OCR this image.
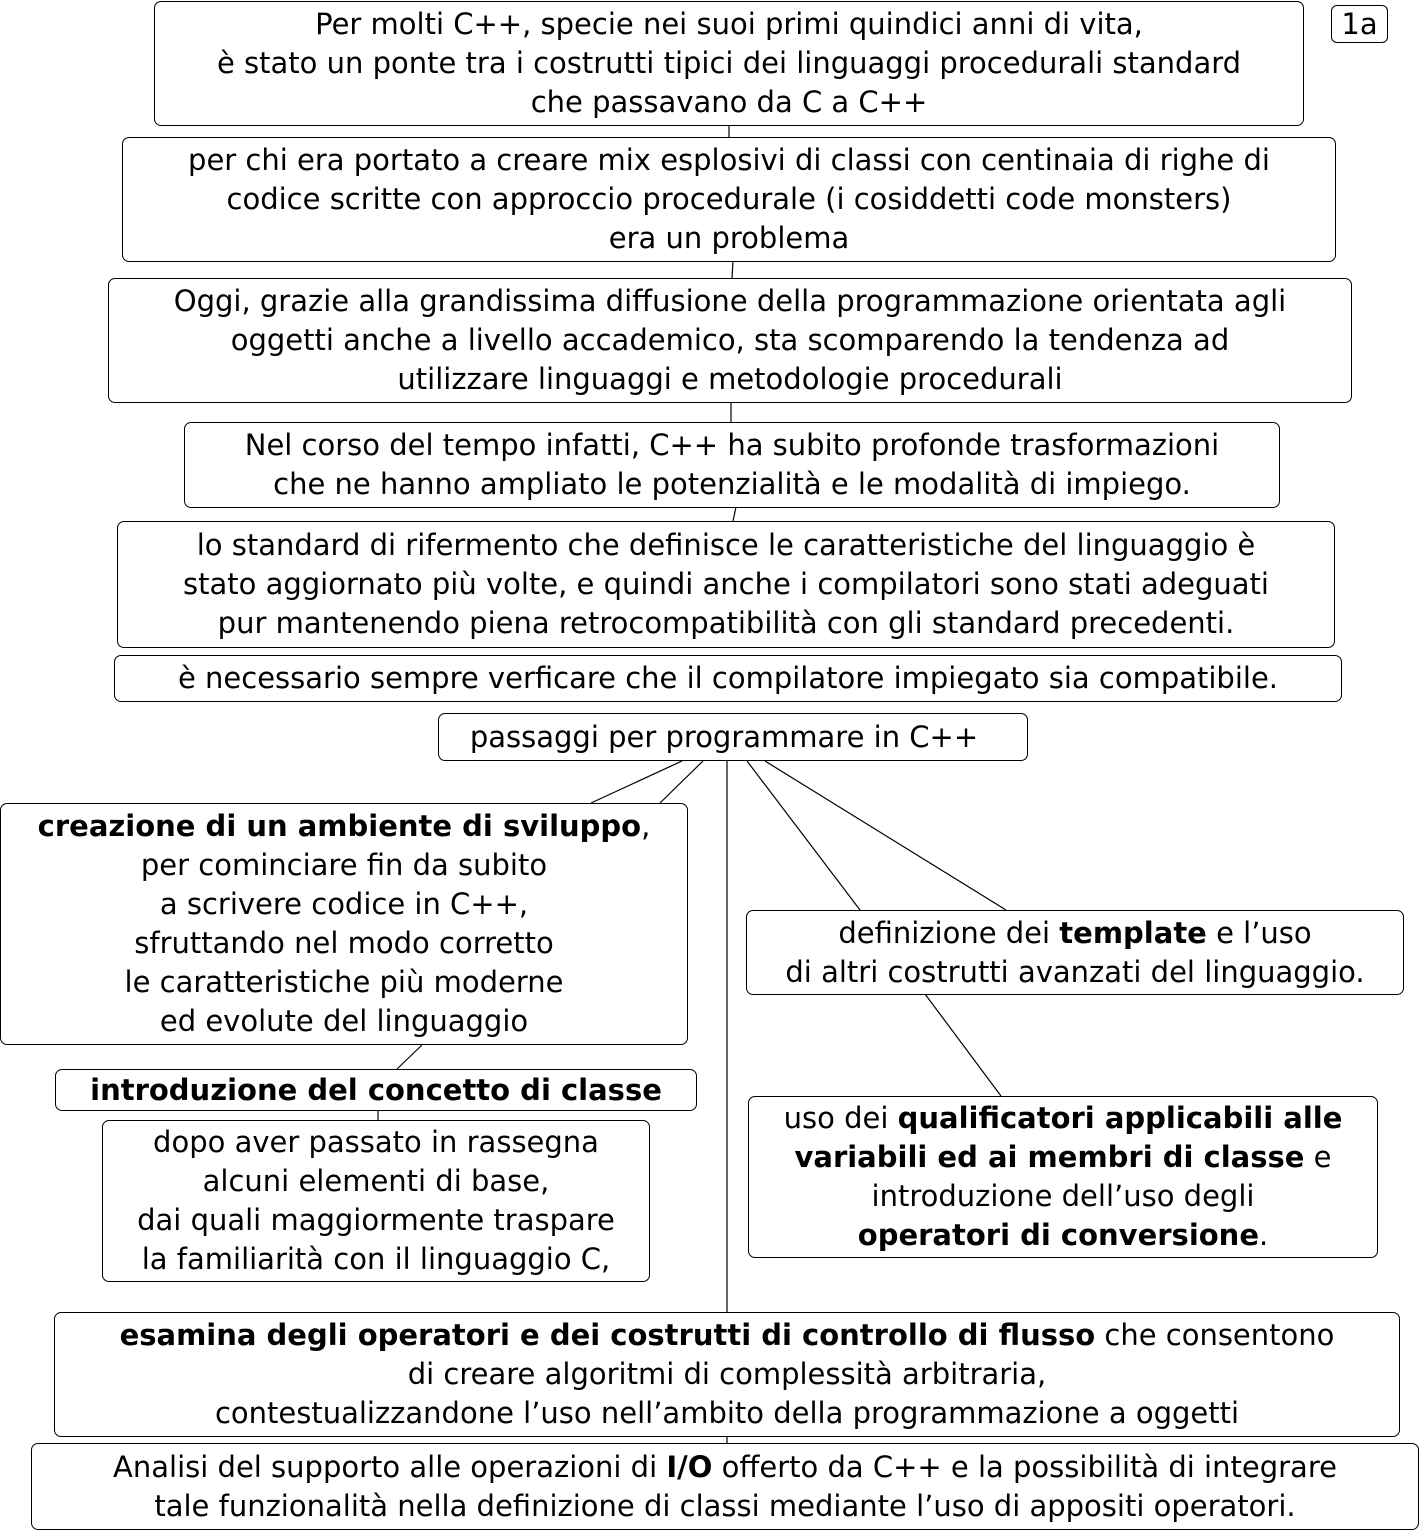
1a
Per molti C++, specie nei suoi primi quindici anni di vita,
è stato un ponte tra i costrutti tipici dei linguaggi procedurali standard
che passavano da C a C++
per chi era portato a creare mix esplosivi di classi con centinaia di righe di
codice scritte con approccio procedurale (i cosiddetti code monsters)
era un problema
Oggi, grazie alla grandissima diffusione della programmazione orientata agli
oggetti anche a livello accademico, sta scomparendo la tendenza ad
utilizzare linguaggi e metodologie procedurali
Nel corso del tempo infatti, C++ ha subito profonde trasformazioni
che ne hanno ampliato le potenzialità e le modalità di impiego.
lo standard di rifermento che definisce le caratteristiche del linguaggio è
stato aggiornato più volte, e quindi anche i compilatori sono stati adeguati
pur mantenendo piena retrocompatibilità con gli standard precedenti.
è necessario sempre verficare che il compilatore impiegato sia compatibile.
passaggi per programmare in C++
creazione di un ambiente di sviluppo,
per cominciare fin da subito
a scrivere codice in C++,
sfruttando nel modo corretto
le caratteristiche più moderne
ed evolute del linguaggio
introduzione del concetto di classe
dopo aver passato in rassegna
alcuni elementi di base,
dai quali maggiormente traspare
la familiarità con il linguaggio C,
definizione dei template e l’uso
di altri costrutti avanzati del linguaggio.
uso dei qualificatori applicabili alle
variabili ed ai membri di classe e
introduzione dell’uso degli
operatori di conversione.
esamina degli operatori e dei costrutti di controllo di flusso che consentono
di creare algoritmi di complessità arbitraria,
contestualizzandone l’uso nell’ambito della programmazione a oggetti
Analisi del supporto alle operazioni di I/O offerto da C++ e la possibilità di integrare
tale funzionalità nella definizione di classi mediante l’uso di appositi operatori.
